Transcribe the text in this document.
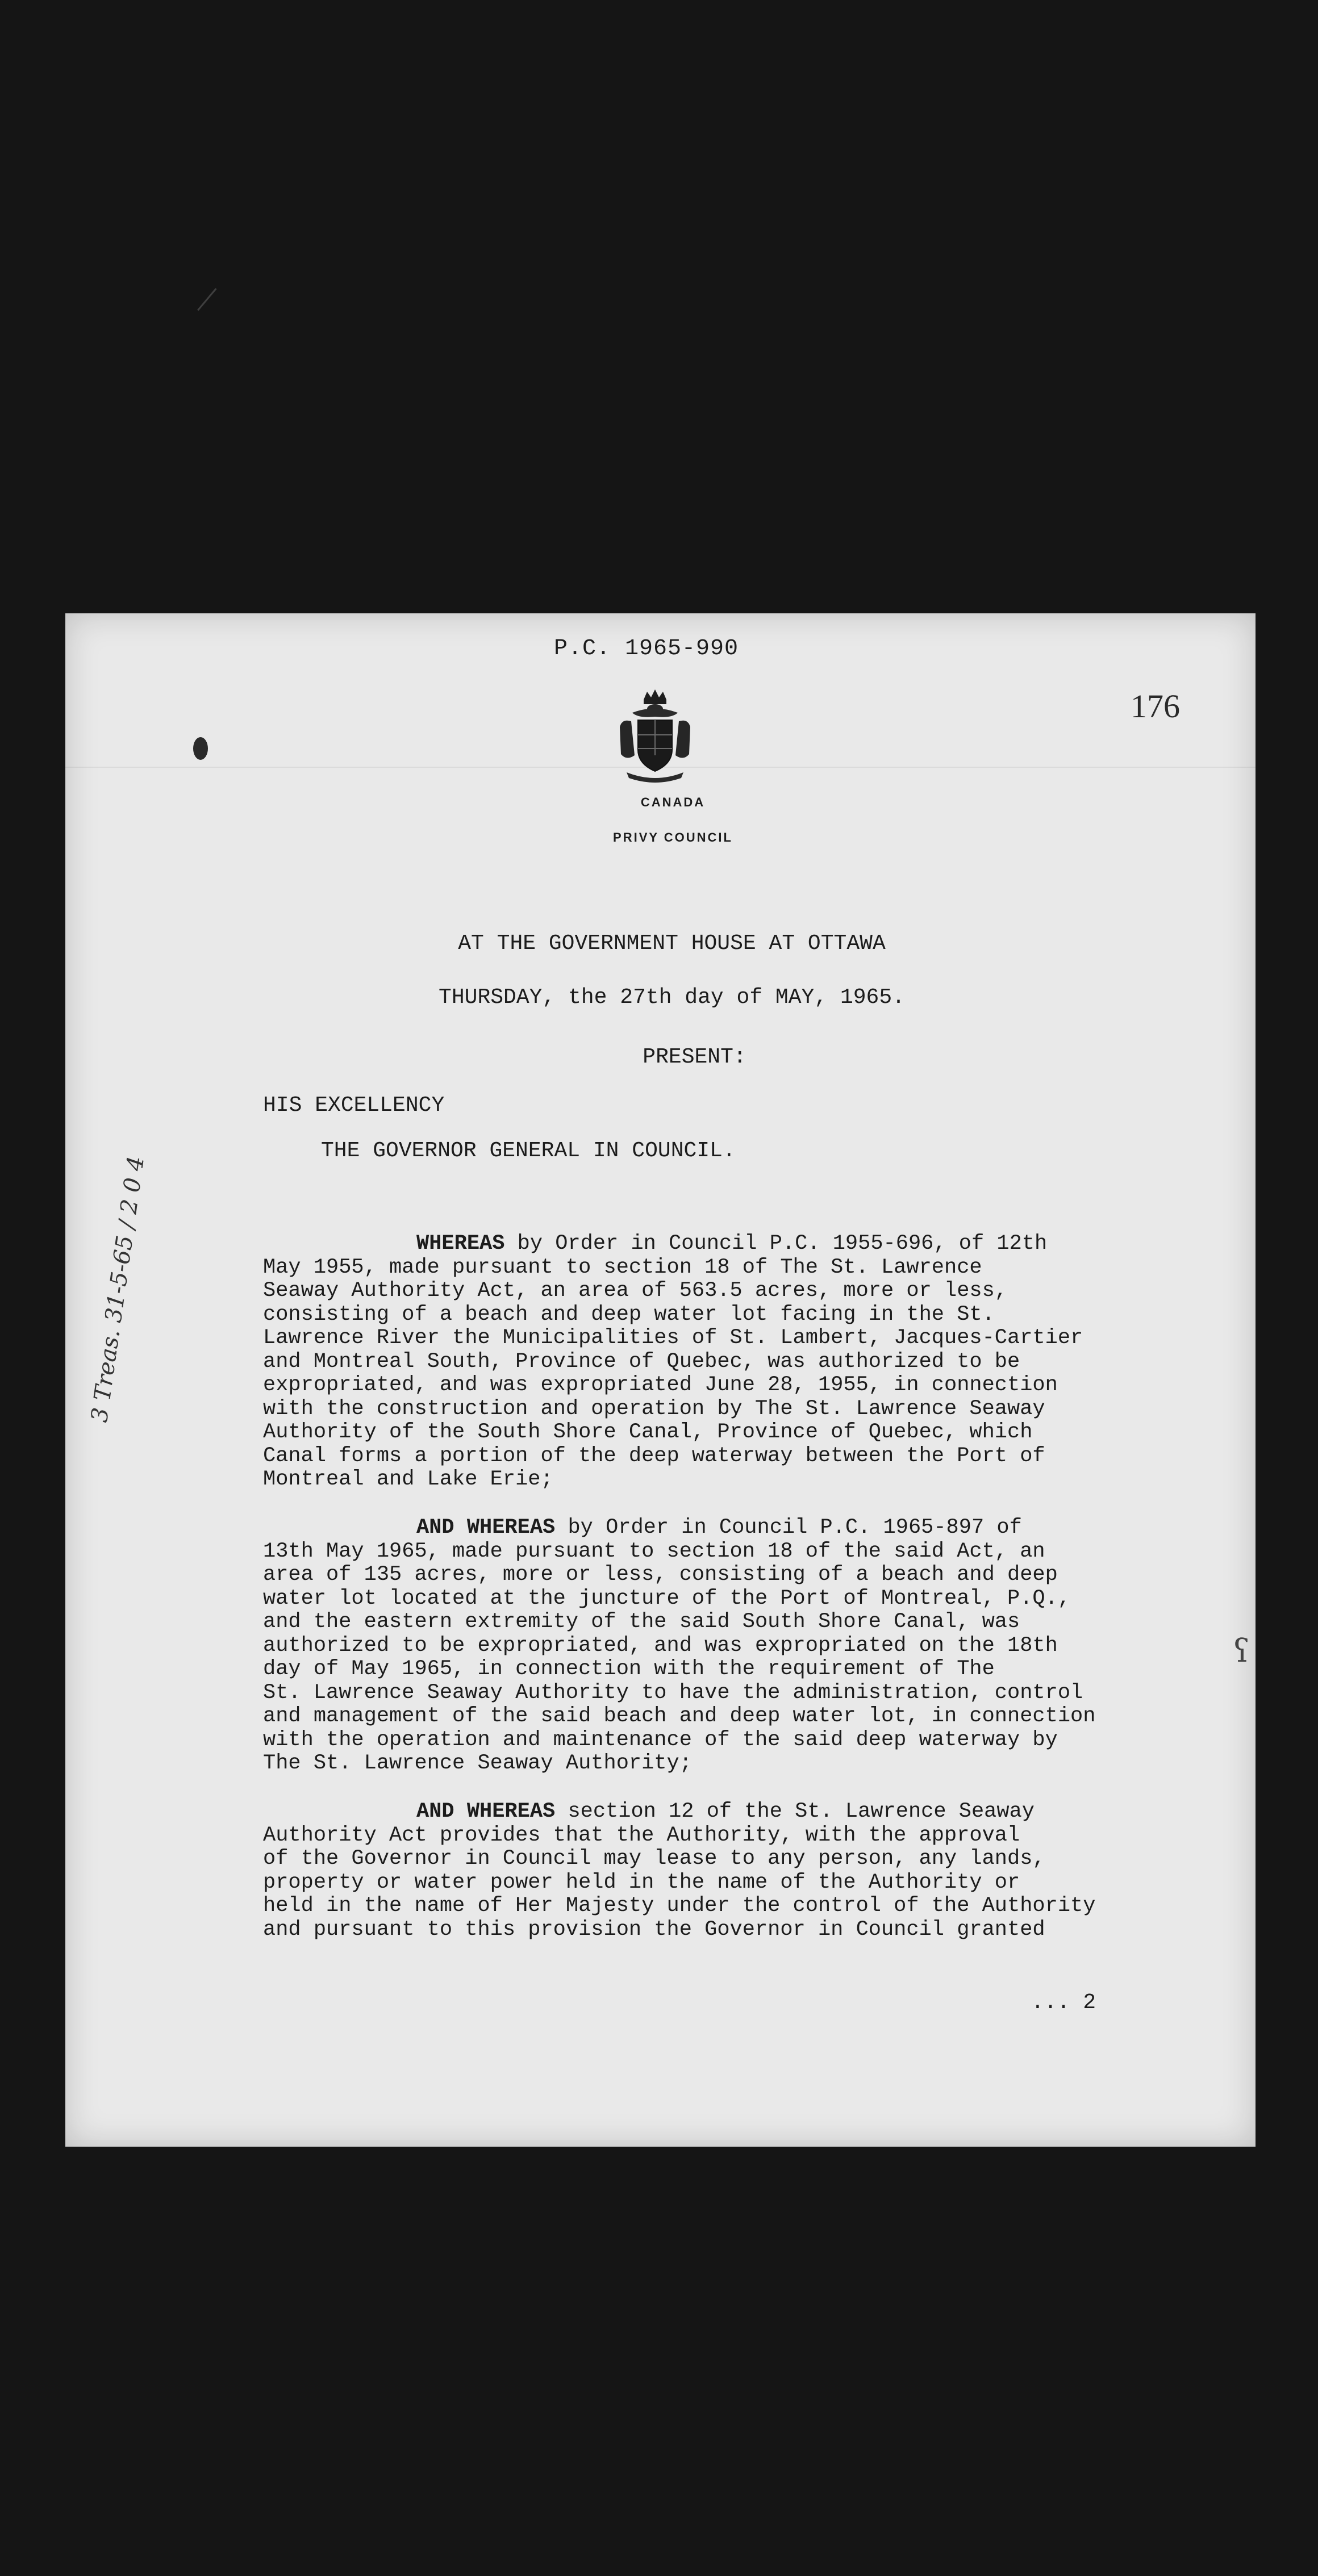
P.C. 1965-990
176
CANADA
PRIVY COUNCIL
AT THE GOVERNMENT HOUSE AT OTTAWA
THURSDAY, the 27th day of MAY, 1965.
PRESENT:
HIS EXCELLENCY
THE GOVERNOR GENERAL IN COUNCIL.

WHEREAS by Order in Council P.C. 1955-696, of 12th
May 1955, made pursuant to section 18 of The St. Lawrence
Seaway Authority Act, an area of 563.5 acres, more or less,
consisting of a beach and deep water lot facing in the St.
Lawrence River the Municipalities of St. Lambert, Jacques-Cartier
and Montreal South, Province of Quebec, was authorized to be
expropriated, and was expropriated June 28, 1955, in connection
with the construction and operation by The St. Lawrence Seaway
Authority of the South Shore Canal, Province of Quebec, which
Canal forms a portion of the deep waterway between the Port of
Montreal and Lake Erie;

AND WHEREAS by Order in Council P.C. 1965-897 of
13th May 1965, made pursuant to section 18 of the said Act, an
area of 135 acres, more or less, consisting of a beach and deep
water lot located at the juncture of the Port of Montreal, P.Q.,
and the eastern extremity of the said South Shore Canal, was
authorized to be expropriated, and was expropriated on the 18th
day of May 1965, in connection with the requirement of The
St. Lawrence Seaway Authority to have the administration, control
and management of the said beach and deep water lot, in connection
with the operation and maintenance of the said deep waterway by
The St. Lawrence Seaway Authority;

AND WHEREAS section 12 of the St. Lawrence Seaway
Authority Act provides that the Authority, with the approval
of the Governor in Council may lease to any person, any lands,
property or water power held in the name of the Authority or
held in the name of Her Majesty under the control of the Authority
and pursuant to this provision the Governor in Council granted

... 2
3 Treas. 31-5-65 / 2 0 4
ʕ
